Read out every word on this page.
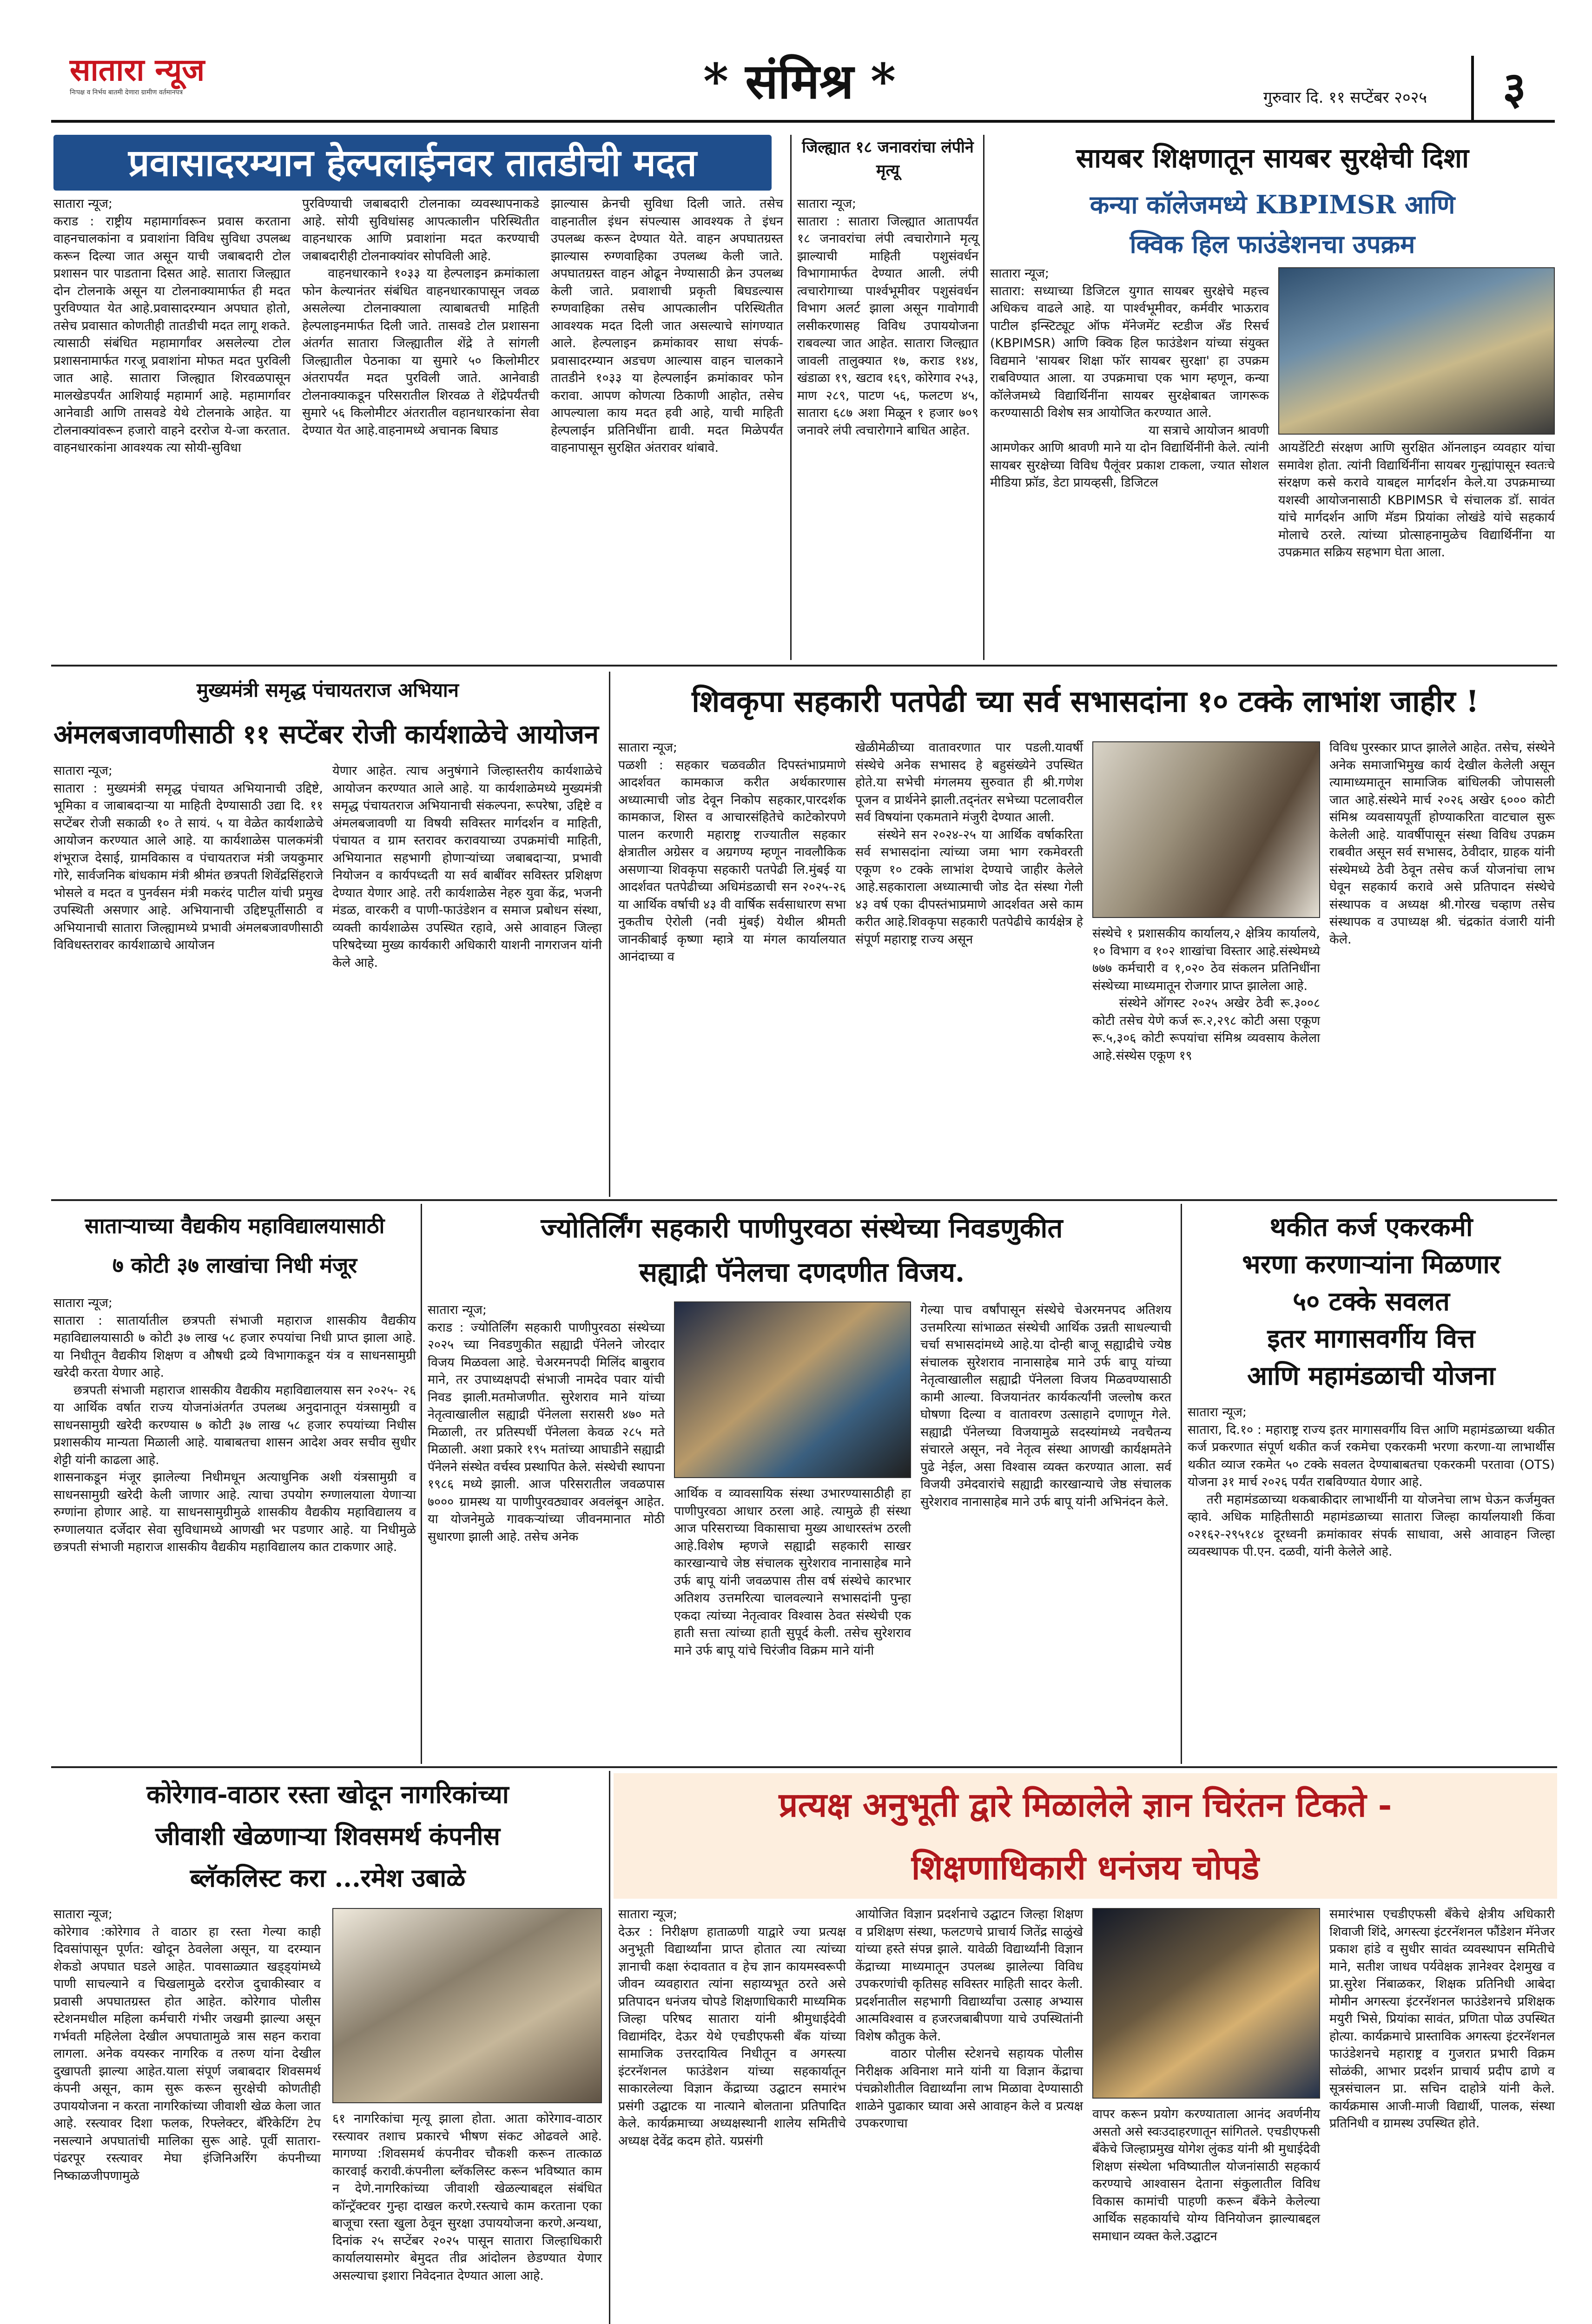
सातारा न्यूज
निःपक्ष व निर्भय बातमी देणारा ग्रामीण वर्तमानपत्र	* संमिश्र *	गुरुवार दि. ११ सप्टेंबर २०२५	३
प्रवासादरम्यान हेल्पलाईनवर तातडीची मदत
सातारा न्यूज;
कराड : राष्ट्रीय महामार्गावरून प्रवास करताना वाहनचालकांना व प्रवाशांना विविध सुविधा उपलब्ध करून दिल्या जात असून याची जबाबदारी टोल प्रशासन पार पाडताना दिसत आहे. सातारा जिल्ह्यात दोन टोलनाके असून या टोलनाक्यामार्फत ही मदत पुरविण्यात येत आहे.प्रवासादरम्यान अपघात होतो, तसेच प्रवासात कोणतीही तातडीची मदत लागू शकते. त्यासाठी संबंधित महामार्गांवर असलेल्या टोल प्रशासनामार्फत गरजू प्रवाशांना मोफत मदत पुरविली जात आहे. सातारा जिल्ह्यात शिरवळपासून मालखेडपर्यंत आशियाई महामार्ग आहे. महामार्गावर आनेवाडी आणि तासवडे येथे टोलनाके आहेत. या टोलनाक्यांवरून हजारो वाहने दररोज ये-जा करतात. वाहनधारकांना आवश्यक त्या सोयी-सुविधा
पुरविण्याची जबाबदारी टोलनाका व्यवस्थापनाकडे आहे. सोयी सुविधांसह आपत्कालीन परिस्थितीत वाहनधारक आणि प्रवाशांना मदत करण्याची जबाबदारीही टोलनाक्यांवर सोपविली आहे.
वाहनधारकाने १०३३ या हेल्पलाइन क्रमांकाला फोन केल्यानंतर संबंधित वाहनधारकापासून जवळ असलेल्या टोलनाक्याला त्याबाबतची माहिती हेल्पलाइनमार्फत दिली जाते. तासवडे टोल प्रशासना अंतर्गत सातारा जिल्ह्यातील शेंद्रे ते सांगली जिल्ह्यातील पेठनाका या सुमारे ५० किलोमीटर अंतरापर्यंत मदत पुरविली जाते. आनेवाडी टोलनाक्याकडून परिसरातील शिरवळ ते शेंद्रेपर्यंतची सुमारे ५६ किलोमीटर अंतरातील वहानधारकांना सेवा देण्यात येत आहे.वाहनामध्ये अचानक बिघाड
झाल्यास क्रेनची सुविधा दिली जाते. तसेच वाहनातील इंधन संपल्यास आवश्यक ते इंधन उपलब्ध करून देण्यात येते. वाहन अपघातग्रस्त झाल्यास रुग्णवाहिका उपलब्ध केली जाते. अपघातग्रस्त वाहन ओढून नेण्यासाठी क्रेन उपलब्ध केली जाते. प्रवाशाची प्रकृती बिघडल्यास रुग्णवाहिका तसेच आपत्कालीन परिस्थितीत आवश्यक मदत दिली जात असल्याचे सांगण्यात आले. हेल्पलाइन क्रमांकावर साधा संपर्क-प्रवासादरम्यान अडचण आल्यास वाहन चालकाने तातडीने १०३३ या हेल्पलाईन क्रमांकावर फोन करावा. आपण कोणत्या ठिकाणी आहोत, तसेच आपल्याला काय मदत हवी आहे, याची माहिती हेल्पलाईन प्रतिनिधींना द्यावी. मदत मिळेपर्यंत वाहनापासून सुरक्षित अंतरावर थांबावे.
जिल्ह्यात १८ जनावरांचा लंपीने मृत्यू
सातारा न्यूज;
सातारा : सातारा जिल्ह्यात आतापर्यंत १८ जनावरांचा लंपी त्वचारोगाने मृत्यू झाल्याची माहिती पशुसंवर्धन विभागामार्फत देण्यात आली. लंपी त्वचारोगाच्या पार्श्वभूमीवर पशुसंवर्धन विभाग अलर्ट झाला असून गावोगावी लसीकरणासह विविध उपाययोजना राबवल्या जात आहेत. सातारा जिल्ह्यात जावली तालुक्यात १७, कराड १४४, खंडाळा १९, खटाव १६९, कोरेगाव २५३, माण २८९, पाटण ५६, फलटण ४५, सातारा ६८७ अशा मिळून १ हजार ७०९ जनावरे लंपी त्वचारोगाने बाधित आहेत.
सायबर शिक्षणातून सायबर सुरक्षेची दिशा
कन्या कॉलेजमध्ये KBPIMSR आणि
क्विक हिल फाउंडेशनचा उपक्रम
सातारा न्यूज;
सातारा: सध्याच्या डिजिटल युगात सायबर सुरक्षेचे महत्त्व अधिकच वाढले आहे. या पार्श्वभूमीवर, कर्मवीर भाऊराव पाटील इन्स्टिट्यूट ऑफ मॅनेजमेंट स्टडीज अँड रिसर्च (KBPIMSR) आणि क्विक हिल फाउंडेशन यांच्या संयुक्त विद्यमाने 'सायबर शिक्षा फॉर सायबर सुरक्षा' हा उपक्रम राबविण्यात आला. या उपक्रमाचा एक भाग म्हणून, कन्या कॉलेजमध्ये विद्यार्थिनींना सायबर सुरक्षेबाबत जागरूक करण्यासाठी विशेष सत्र आयोजित करण्यात आले.
या सत्राचे आयोजन श्रावणी आमणेकर आणि श्रावणी माने या दोन विद्यार्थिनींनी केले. त्यांनी सायबर सुरक्षेच्या विविध पैलूंवर प्रकाश टाकला, ज्यात सोशल मीडिया फ्रॉड, डेटा प्रायव्हसी, डिजिटल
आयडेंटिटी संरक्षण आणि सुरक्षित ऑनलाइन व्यवहार यांचा समावेश होता. त्यांनी विद्यार्थिनींना सायबर गुन्ह्यांपासून स्वतःचे संरक्षण कसे करावे याबद्दल मार्गदर्शन केले.या उपक्रमाच्या यशस्वी आयोजनासाठी KBPIMSR चे संचालक डॉ. सावंत यांचे मार्गदर्शन आणि मॅडम प्रियांका लोखंडे यांचे सहकार्य मोलाचे ठरले. त्यांच्या प्रोत्साहनामुळेच विद्यार्थिनींना या उपक्रमात सक्रिय सहभाग घेता आला.
मुख्यमंत्री समृद्ध पंचायतराज अभियान
अंमलबजावणीसाठी ११ सप्टेंबर रोजी कार्यशाळेचे आयोजन
सातारा न्यूज;
सातारा : मुख्यमंत्री समृद्ध पंचायत अभियानाची उद्दिष्टे, भूमिका व जाबाबदाऱ्या या माहिती देण्यासाठी उद्या दि. ११ सप्टेंबर रोजी सकाळी १० ते सायं. ५ या वेळेत कार्यशाळेचे आयोजन करण्यात आले आहे. या कार्यशाळेस पालकमंत्री शंभूराज देसाई, ग्रामविकास व पंचायतराज मंत्री जयकुमार गोरे, सार्वजनिक बांधकाम मंत्री श्रीमंत छत्रपती शिवेंद्रसिंहराजे भोसले व मदत व पुनर्वसन मंत्री मकरंद पाटील यांची प्रमुख उपस्थिती असणार आहे. अभियानाची उद्दिष्टपूर्तीसाठी व अभियानाची सातारा जिल्ह्यामध्ये प्रभावी अंमलबजावणीसाठी विविधस्तरावर कार्यशाळाचे आयोजन
येणार आहेत. त्याच अनुषंगाने जिल्हास्तरीय कार्यशाळेचे आयोजन करण्यात आले आहे. या कार्यशाळेमध्ये मुख्यमंत्री समृद्ध पंचायतराज अभियानाची संकल्पना, रूपरेषा, उद्दिष्टे व अंमलबजावणी या विषयी सविस्तर मार्गदर्शन व माहिती, पंचायत व ग्राम स्तरावर करावयाच्या उपक्रमांची माहिती, अभियानात सहभागी होणाऱ्यांच्या जबाबदाऱ्या, प्रभावी नियोजन व कार्यपध्दती या सर्व बाबींवर सविस्तर प्रशिक्षण देण्यात येणार आहे. तरी कार्यशाळेस नेहरु युवा केंद्र, भजनी मंडळ, वारकरी व पाणी-फाउंडेशन व समाज प्रबोधन संस्था, व्यक्ती कार्यशाळेस उपस्थित रहावे, असे आवाहन जिल्हा परिषदेच्या मुख्य कार्यकारी अधिकारी याशनी नागराजन यांनी केले आहे.
शिवकृपा सहकारी पतपेढी च्या सर्व सभासदांना १० टक्के लाभांश जाहीर !
सातारा न्यूज;
पळशी : सहकार चळवळीत दिपस्तंभाप्रमाणे आदर्शवत कामकाज करीत अर्थकारणास अध्यात्माची जोड देवून निकोप सहकार,पारदर्शक कामकाज, शिस्त व आचारसंहितेचे काटेकोरपणे पालन करणारी महाराष्ट्र राज्यातील सहकार क्षेत्रातील अग्रेसर व अग्रगण्य म्हणून नावलौकिक असणाऱ्या शिवकृपा सहकारी पतपेढी लि.मुंबई या आदर्शवत पतपेढीच्या अधिमंडळाची सन २०२५-२६ या आर्थिक वर्षाची ४३ वी वार्षिक सर्वसाधारण सभा नुकतीच ऐरोली (नवी मुंबई) येथील श्रीमती जानकीबाई कृष्णा म्हात्रे या मंगल कार्यालयात आनंदाच्या व
खेळीमेळीच्या वातावरणात पार पडली.यावर्षी संस्थेचे अनेक सभासद हे बहुसंख्येने उपस्थित होते.या सभेची मंगलमय सुरुवात ही श्री.गणेश पूजन व प्रार्थनेने झाली.तद्नंतर सभेच्या पटलावरील सर्व विषयांना एकमताने मंजुरी देण्यात आली.
संस्थेने सन २०२४-२५ या आर्थिक वर्षाकरिता सर्व सभासदांना त्यांच्या जमा भाग रकमेवरती एकूण १० टक्के लाभांश देण्याचे जाहीर केलेले आहे.सहकाराला अध्यात्माची जोड देत संस्था गेली ४३ वर्ष एका दीपस्तंभाप्रमाणे आदर्शवत असे काम करीत आहे.शिवकृपा सहकारी पतपेढीचे कार्यक्षेत्र हे संपूर्ण महाराष्ट्र राज्य असून	संस्थेचे १ प्रशासकीय कार्यालय,२ क्षेत्रिय कार्यालये, १० विभाग व १०२ शाखांचा विस्तार आहे.संस्थेमध्ये ७७७ कर्मचारी व १,०२० ठेव संकलन प्रतिनिधींना संस्थेच्या माध्यमातून रोजगार प्राप्त झालेला आहे.
संस्थेने ऑगस्ट २०२५ अखेर ठेवी रू.३००८ कोटी तसेच येणे कर्ज रू.२,२९८ कोटी असा एकूण रू.५,३०६ कोटी रूपयांचा संमिश्र व्यवसाय केलेला आहे.संस्थेस एकूण १९
विविध पुरस्कार प्राप्त झालेले आहेत. तसेच, संस्थेने अनेक समाजाभिमुख कार्य देखील केलेली असून त्यामाध्यमातून सामाजिक बांधिलकी जोपासली जात आहे.संस्थेने मार्च २०२६ अखेर ६००० कोटी संमिश्र व्यवसायपूर्ती होण्याकरिता वाटचाल सुरू केलेली आहे. यावर्षीपासून संस्था विविध उपक्रम राबवीत असून सर्व सभासद, ठेवीदार, ग्राहक यांनी संस्थेमध्ये ठेवी ठेवून तसेच कर्ज योजनांचा लाभ घेवून सहकार्य करावे असे प्रतिपादन संस्थेचे संस्थापक व अध्यक्ष श्री.गोरख चव्हाण तसेच संस्थापक व उपाध्यक्ष श्री. चंद्रकांत वंजारी यांनी केले.
साताऱ्याच्या वैद्यकीय महाविद्यालयासाठी
७ कोटी ३७ लाखांचा निधी मंजूर
सातारा न्यूज;
सातारा : सातार्यातील छत्रपती संभाजी महाराज शासकीय वैद्यकीय महाविद्यालयासाठी ७ कोटी ३७ लाख ५८ हजार रुपयांचा निधी प्राप्त झाला आहे. या निधीतून वैद्यकीय शिक्षण व औषधी द्रव्ये विभागाकडून यंत्र व साधनसामुग्री खरेदी करता येणार आहे.
छत्रपती संभाजी महाराज शासकीय वैद्यकीय महाविद्यालयास सन २०२५- २६ या आर्थिक वर्षात राज्य योजनांअंतर्गत उपलब्ध अनुदानातून यंत्रसामुग्री व साधनसामुग्री खरेदी करण्यास ७ कोटी ३७ लाख ५८ हजार रुपयांच्या निधीस प्रशासकीय मान्यता मिळाली आहे. याबाबतचा शासन आदेश अवर सचीव सुधीर शेट्टी यांनी काढला आहे.
शासनाकडून मंजूर झालेल्या निधीमधून अत्याधुनिक अशी यंत्रसामुग्री व साधनसामुग्री खरेदी केली जाणार आहे. त्याचा उपयोग रुग्णालयाला येणाऱ्या रुग्णांना होणार आहे. या साधनसामुग्रीमुळे शासकीय वैद्यकीय महाविद्यालय व रुग्णालयात दर्जेदार सेवा सुविधामध्ये आणखी भर पडणार आहे. या निधीमुळे छत्रपती संभाजी महाराज शासकीय वैद्यकीय महाविद्यालय कात टाकणार आहे.
ज्योतिर्लिंग सहकारी पाणीपुरवठा संस्थेच्या निवडणुकीत
सह्याद्री पॅनेलचा दणदणीत विजय.
सातारा न्यूज;
कराड : ज्योतिर्लिंग सहकारी पाणीपुरवठा संस्थेच्या २०२५ च्या निवडणुकीत सह्याद्री पॅनेलने जोरदार विजय मिळवला आहे. चेअरमनपदी मिलिंद बाबुराव माने, तर उपाध्यक्षपदी संभाजी नामदेव पवार यांची निवड झाली.मतमोजणीत. सुरेशराव माने यांच्या नेतृत्वाखालील सह्याद्री पॅनेलला सरासरी ४७० मते मिळाली, तर प्रतिस्पर्धी पॅनेलला केवळ २८५ मते मिळाली. अशा प्रकारे १९५ मतांच्या आघाडीने सह्याद्री पॅनेलने संस्थेत वर्चस्व प्रस्थापित केले. संस्थेची स्थापना १९८६ मध्ये झाली. आज परिसरातील जवळपास ७००० ग्रामस्थ या पाणीपुरवठ्यावर अवलंबून आहेत. या योजनेमुळे गावकऱ्यांच्या जीवनमानात मोठी सुधारणा झाली आहे. तसेच अनेक
आर्थिक व व्यावसायिक संस्था उभारण्यासाठीही हा पाणीपुरवठा आधार ठरला आहे. त्यामुळे ही संस्था आज परिसराच्या विकासाचा मुख्य आधारस्तंभ ठरली आहे.विशेष म्हणजे सह्याद्री सहकारी साखर कारखान्याचे जेष्ठ संचालक सुरेशराव नानासाहेब माने उर्फ बापू यांनी जवळपास तीस वर्ष संस्थेचे कारभार अतिशय उत्तमरित्या चालवल्याने सभासदांनी पुन्हा एकदा त्यांच्या नेतृत्वावर विश्वास ठेवत संस्थेची एक हाती सत्ता त्यांच्या हाती सुपूर्द केली. तसेच सुरेशराव माने उर्फ बापू यांचे चिरंजीव विक्रम माने यांनी
गेल्या पाच वर्षांपासून संस्थेचे चेअरमनपद अतिशय उत्तमरित्या सांभाळत संस्थेची आर्थिक उन्नती साधल्याची चर्चा सभासदांमध्ये आहे.या दोन्ही बाजू सह्याद्रीचे ज्येष्ठ संचालक सुरेशराव नानासाहेब माने उर्फ बापू यांच्या नेतृत्वाखालील सह्याद्री पॅनेलला विजय मिळवण्यासाठी कामी आल्या. विजयानंतर कार्यकर्त्यांनी जल्लोष करत घोषणा दिल्या व वातावरण उत्साहाने दणाणून गेले. सह्याद्री पॅनेलच्या विजयामुळे सदस्यांमध्ये नवचैतन्य संचारले असून, नवे नेतृत्व संस्था आणखी कार्यक्षमतेने पुढे नेईल, असा विश्वास व्यक्त करण्यात आला. सर्व विजयी उमेदवारांचे सह्याद्री कारखान्याचे जेष्ठ संचालक सुरेशराव नानासाहेब माने उर्फ बापू यांनी अभिनंदन केले.
थकीत कर्ज एकरकमी
भरणा करणाऱ्यांना मिळणार
५० टक्के सवलत
इतर मागासवर्गीय वित्त
आणि महामंडळाची योजना
सातारा न्यूज;
सातारा, दि.१० : महाराष्ट्र राज्य इतर मागासवर्गीय वित्त आणि महामंडळाच्या थकीत कर्ज प्रकरणात संपूर्ण थकीत कर्ज रकमेचा एकरकमी भरणा करणा-या लाभार्थीस थकीत व्याज रकमेत ५० टक्के सवलत देण्याबाबतचा एकरकमी परतावा (OTS) योजना ३१ मार्च २०२६ पर्यंत राबविण्यात येणार आहे.
तरी महामंडळाच्या थकबाकीदार लाभार्थीनी या योजनेचा लाभ घेऊन कर्जमुक्त व्हावे. अधिक माहितीसाठी महामंडळाच्या सातारा जिल्हा कार्यालयाशी किंवा ०२१६२-२९५१८४ दूरध्वनी क्रमांकावर संपर्क साधावा, असे आवाहन जिल्हा व्यवस्थापक पी.एन. दळवी, यांनी केलेले आहे.
कोरेगाव-वाठार रस्ता खोदून नागरिकांच्या
जीवाशी खेळणाऱ्या शिवसमर्थ कंपनीस
ब्लॅकलिस्ट करा ...रमेश उबाळे
सातारा न्यूज;
कोरेगाव :कोरेगाव ते वाठार हा रस्ता गेल्या काही दिवसांपासून पूर्णत: खोदून ठेवलेला असून, या दरम्यान शेकडो अपघात घडले आहेत. पावसाळ्यात खड्ड्यांमध्ये पाणी साचल्याने व चिखलामुळे दररोज दुचाकीस्वार व प्रवासी अपघातग्रस्त होत आहेत. कोरेगाव पोलीस स्टेशनमधील महिला कर्मचारी गंभीर जखमी झाल्या असून गर्भवती महिलेला देखील अपघातामुळे त्रास सहन करावा लागला. अनेक वयस्कर नागरिक व तरुण यांना देखील दुखापती झाल्या आहेत.याला संपूर्ण जबाबदार शिवसमर्थ कंपनी असून, काम सुरू करून सुरक्षेची कोणतीही उपाययोजना न करता नागरिकांच्या जीवाशी खेळ केला जात आहे. रस्त्यावर दिशा फलक, रिफ्लेक्टर, बॅरिकेटिंग टेप नसल्याने अपघातांची मालिका सुरू आहे. पूर्वी सातारा-पंढरपूर रस्त्यावर मेघा इंजिनिअरिंग कंपनीच्या निष्काळजीपणामुळे
६१ नागरिकांचा मृत्यू झाला होता. आता कोरेगाव-वाठार रस्त्यावर तशाच प्रकारचे भीषण संकट ओढवले आहे. मागण्या :शिवसमर्थ कंपनीवर चौकशी करून तात्काळ कारवाई करावी.कंपनीला ब्लॅकलिस्ट करून भविष्यात काम न देणे.नागरिकांच्या जीवाशी खेळल्याबद्दल संबंधित कॉन्ट्रॅक्टवर गुन्हा दाखल करणे.रस्त्याचे काम करताना एका बाजूचा रस्ता खुला ठेवून सुरक्षा उपाययोजना करणे.अन्यथा, दिनांक २५ सप्टेंबर २०२५ पासून सातारा जिल्हाधिकारी कार्यालयासमोर बेमुदत तीव्र आंदोलन छेडण्यात येणार असल्याचा इशारा निवेदनात देण्यात आला आहे.
प्रत्यक्ष अनुभूती द्वारे मिळालेले ज्ञान चिरंतन टिकते -
शिक्षणाधिकारी धनंजय चोपडे
सातारा न्यूज;
देऊर : निरीक्षण हाताळणी याद्वारे ज्या प्रत्यक्ष अनुभूती विद्यार्थ्यांना प्राप्त होतात त्या त्यांच्या ज्ञानाची कक्षा रुंदावतात व हेच ज्ञान कायमस्वरूपी जीवन व्यवहारात त्यांना सहाय्यभूत ठरते असे प्रतिपादन धनंजय चोपडे शिक्षणाधिकारी माध्यमिक जिल्हा परिषद सातारा यांनी श्रीमुधाईदेवी विद्यामंदिर, देऊर येथे एचडीएफसी बँक यांच्या सामाजिक उत्तरदायित्व निधीतून व अगस्त्या इंटरनॅशनल फाउंडेशन यांच्या सहकार्यातून साकारलेल्या विज्ञान केंद्राच्या उद्घाटन समारंभ प्रसंगी उद्घाटक या नात्याने बोलताना प्रतिपादित केले. कार्यक्रमाच्या अध्यक्षस्थानी शालेय समितीचे अध्यक्ष देवेंद्र कदम होते. यप्रसंगी
आयोजित विज्ञान प्रदर्शनाचे उद्घाटन जिल्हा शिक्षण व प्रशिक्षण संस्था, फलटणचे प्राचार्य जितेंद्र साळुंखे यांच्या हस्ते संपन्न झाले. यावेळी विद्यार्थ्यांनी विज्ञान केंद्राच्या माध्यमातून उपलब्ध झालेल्या विविध उपकरणांची कृतिसह सविस्तर माहिती सादर केली. प्रदर्शनातील सहभागी विद्यार्थ्यांचा उत्साह अभ्यास आत्मविश्वास व हजरजबाबीपणा याचे उपस्थितांनी विशेष कौतुक केले.
वाठार पोलीस स्टेशनचे सहायक पोलीस निरीक्षक अविनाश माने यांनी या विज्ञान केंद्राचा पंचक्रोशीतील विद्यार्थ्यांना लाभ मिळावा देण्यासाठी शाळेने पुढाकार घ्यावा असे आवाहन केले व प्रत्यक्ष उपकरणाचा
वापर करून प्रयोग करण्याताला आनंद अवर्णनीय असतो असे स्वःउदाहरणातून सांगितले. एचडीएफसी बँकेचे जिल्हाप्रमुख योगेश लुंकड यांनी श्री मुधाईदेवी शिक्षण संस्थेला भविष्यातील योजनांसाठी सहकार्य करण्याचे आश्वासन देताना संकुलातील विविध विकास कामांची पाहणी करून बँकेने केलेल्या आर्थिक सहकार्याचे योग्य विनियोजन झाल्याबद्दल समाधान व्यक्त केले.उद्घाटन
समारंभास एचडीएफसी बँकेचे क्षेत्रीय अधिकारी शिवाजी शिंदे, अगस्त्या इंटरनॅशनल फौंडेशन मॅनेजर प्रकाश हांडे व सुधीर सावंत व्यवस्थापन समितीचे माने, सतीश जाधव पर्यवेक्षक ज्ञानेश्वर देशमुख व प्रा.सुरेश निंबाळकर, शिक्षक प्रतिनिधी आबेदा मोमीन अगस्त्या इंटरनॅशनल फाउंडेशनचे प्रशिक्षक मयुरी भिसे, प्रियांका सावंत, प्रणिता पोळ उपस्थित होत्या. कार्यक्रमाचे प्रास्ताविक अगस्त्या इंटरनॅशनल फाउंडेशनचे महाराष्ट्र व गुजरात प्रभारी विक्रम सोळंकी, आभार प्रदर्शन प्राचार्य प्रदीप ढाणे व सूत्रसंचालन प्रा. सचिन दाहोत्रे यांनी केले. कार्यक्रमास आजी-माजी विद्यार्थी, पालक, संस्था प्रतिनिधी व ग्रामस्थ उपस्थित होते.
